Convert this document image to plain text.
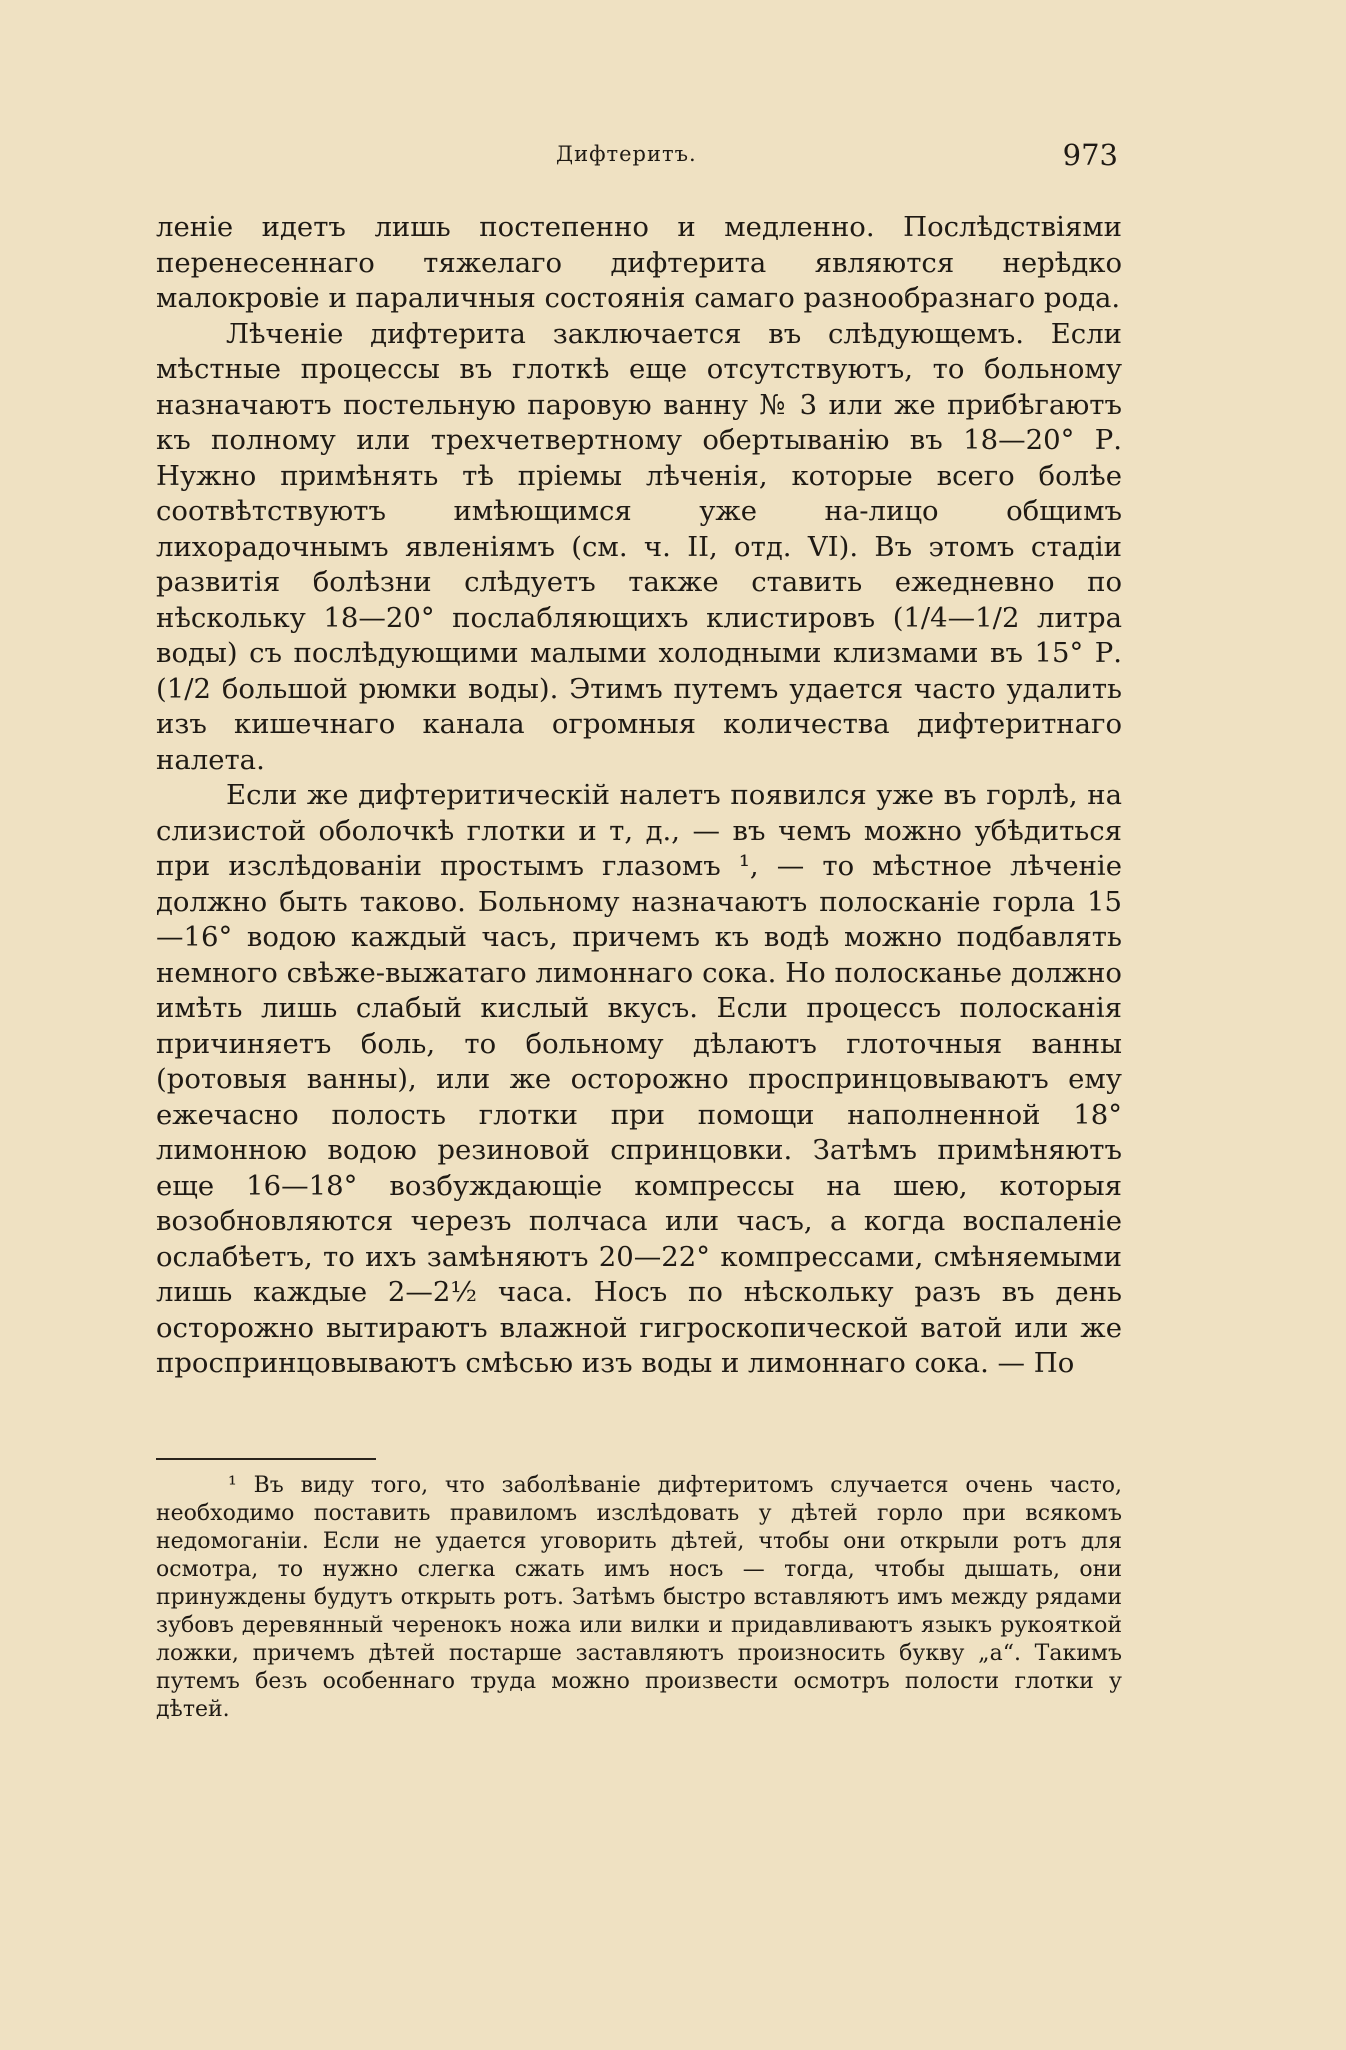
Дифтеритъ.	973

леніе идетъ лишь постепенно и медленно. Послѣдствіями перенесеннаго тяжелаго дифтерита являются нерѣдко малокровіе и параличныя состоянія самаго разнообразнаго рода.

Лѣченіе дифтерита заключается въ слѣдующемъ. Если мѣстные процессы въ глоткѣ еще отсутствуютъ, то больному назначаютъ постельную паровую ванну № 3 или же прибѣгаютъ къ полному или трехчетвертному обертыванію въ 18—20° Р. Нужно примѣнять тѣ пріемы лѣченія, которые всего болѣе соотвѣтствуютъ имѣющимся уже на-лицо общимъ лихорадочнымъ явленіямъ (см. ч. II, отд. VI). Въ этомъ стадіи развитія болѣзни слѣдуетъ также ставить ежедневно по нѣскольку 18—20° послабляющихъ клистировъ (1/4—1/2 литра воды) съ послѣдующими малыми холодными клизмами въ 15° Р. (1/2 большой рюмки воды). Этимъ путемъ удается часто удалить изъ кишечнаго канала огромныя количества дифтеритнаго налета.

Если же дифтеритическій налетъ появился уже въ горлѣ, на слизистой оболочкѣ глотки и т, д., — въ чемъ можно убѣдиться при изслѣдованіи простымъ глазомъ ¹, — то мѣстное лѣченіе должно быть таково. Больному назначаютъ полосканіе горла 15—16° водою каждый часъ, причемъ къ водѣ можно подбавлять немного свѣже-выжатаго лимоннаго сока. Но полосканье должно имѣть лишь слабый кислый вкусъ. Если процессъ полосканія причиняетъ боль, то больному дѣлаютъ глоточныя ванны (ротовыя ванны), или же осторожно проспринцовываютъ ему ежечасно полость глотки при помощи наполненной 18° лимонною водою резиновой спринцовки. Затѣмъ примѣняютъ еще 16—18° возбуждающіе компрессы на шею, которыя возобновляются черезъ полчаса или часъ, а когда воспаленіе ослабѣетъ, то ихъ замѣняютъ 20—22° компрессами, смѣняемыми лишь каждые 2—2½ часа. Носъ по нѣскольку разъ въ день осторожно вытираютъ влажной гигроскопической ватой или же проспринцовываютъ смѣсью изъ воды и лимоннаго сока. — По

¹ Въ виду того, что заболѣваніе дифтеритомъ случается очень часто, необходимо поставить правиломъ изслѣдовать у дѣтей горло при всякомъ недомоганіи. Если не удается уговорить дѣтей, чтобы они открыли ротъ для осмотра, то нужно слегка сжать имъ носъ — тогда, чтобы дышать, они принуждены будутъ открыть ротъ. Затѣмъ быстро вставляютъ имъ между рядами зубовъ деревянный черенокъ ножа или вилки и придавливаютъ языкъ рукояткой ложки, причемъ дѣтей постарше заставляютъ произносить букву „а“. Такимъ путемъ безъ особеннаго труда можно произвести осмотръ полости глотки у дѣтей.
